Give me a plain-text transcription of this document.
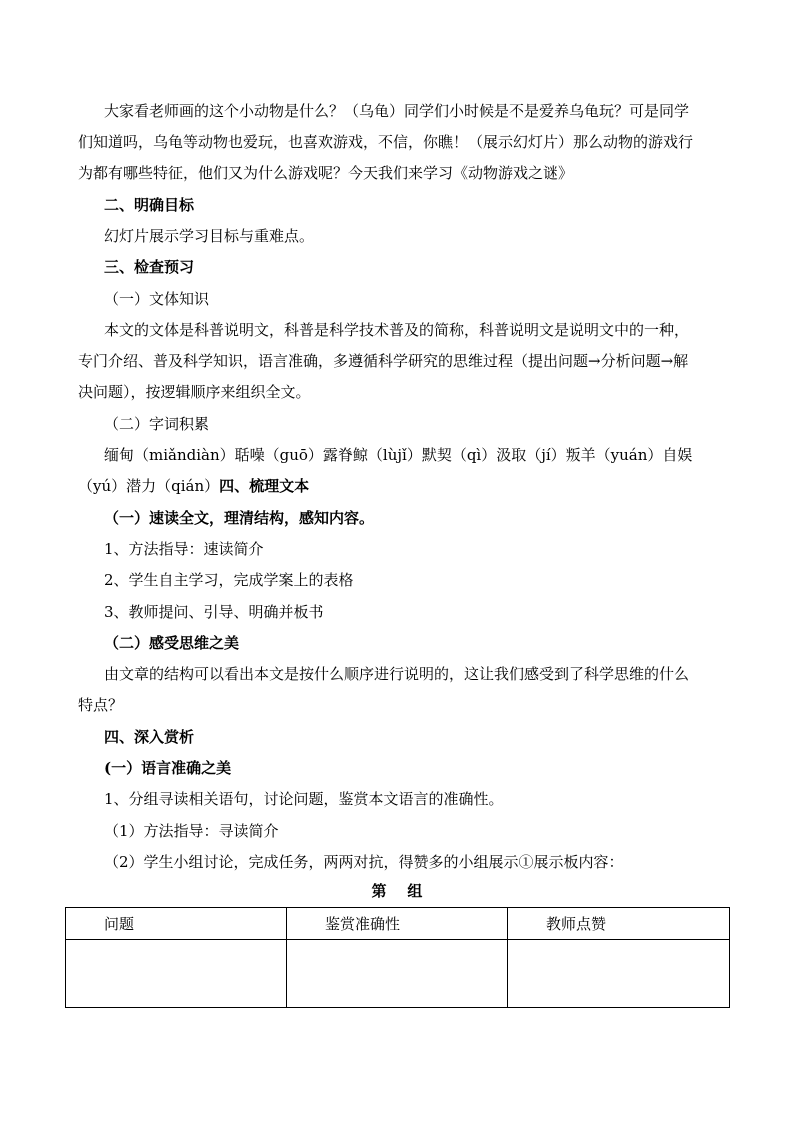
大家看老师画的这个小动物是什么？（乌龟）同学们小时候是不是爱养乌龟玩？可是同学

们知道吗，乌龟等动物也爱玩，也喜欢游戏，不信，你瞧！（展示幻灯片）那么动物的游戏行

为都有哪些特征，他们又为什么游戏呢？今天我们来学习《动物游戏之谜》

二、明确目标

幻灯片展示学习目标与重难点。

三、检查预习

（一）文体知识

本文的文体是科普说明文，科普是科学技术普及的简称，科普说明文是说明文中的一种，

专门介绍、普及科学知识，语言准确，多遵循科学研究的思维过程（提出问题→分析问题→解

决问题），按逻辑顺序来组织全文。

（二）字词积累

缅甸（miǎndiàn）聒噪（guō）露脊鲸（lùjǐ）默契（qì）汲取（jí）叛羊（yuán）自娱

（yú）潜力（qián）四、梳理文本

（一）速读全文，理清结构，感知内容。

1、方法指导：速读简介

2、学生自主学习，完成学案上的表格

3、教师提问、引导、明确并板书

（二）感受思维之美

由文章的结构可以看出本文是按什么顺序进行说明的，这让我们感受到了科学思维的什么

特点？

四、深入赏析

(一）语言准确之美

1、分组寻读相关语句，讨论问题，鉴赏本文语言的准确性。

（1）方法指导：寻读简介

（2）学生小组讨论，完成任务，两两对抗，得赞多的小组展示①展示板内容：

第    组
问题	鉴赏准确性	教师点赞
